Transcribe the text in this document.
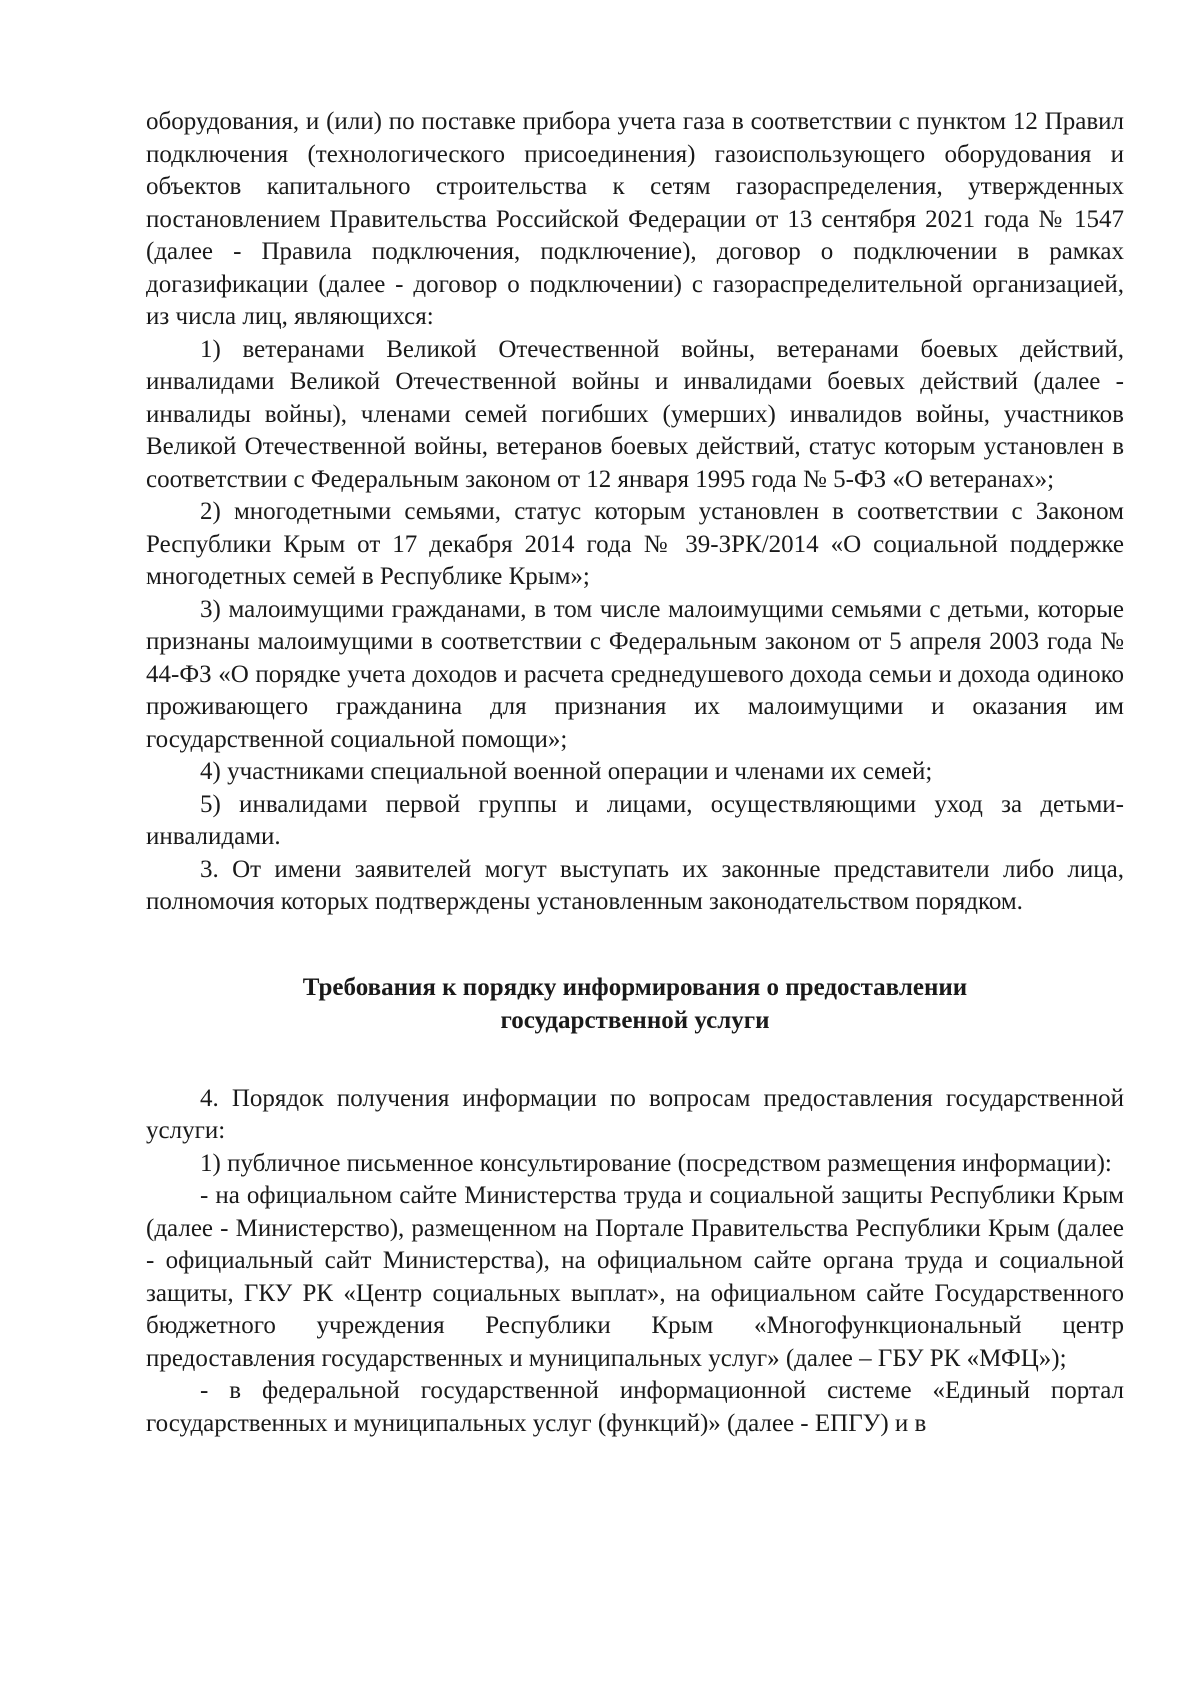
оборудования, и (или) по поставке прибора учета газа в соответствии с пунктом 12 Правил подключения (технологического присоединения) газоиспользующего оборудования и объектов капитального строительства к сетям газораспределения, утвержденных постановлением Правительства Российской Федерации от 13 сентября 2021 года № 1547 (далее - Правила подключения, подключение), договор о подключении в рамках догазификации (далее - договор о подключении) с газораспределительной организацией, из числа лиц, являющихся:

1) ветеранами Великой Отечественной войны, ветеранами боевых действий, инвалидами Великой Отечественной войны и инвалидами боевых действий (далее - инвалиды войны), членами семей погибших (умерших) инвалидов войны, участников Великой Отечественной войны, ветеранов боевых действий, статус которым установлен в соответствии с Федеральным законом от 12 января 1995 года № 5-ФЗ «О ветеранах»;

2) многодетными семьями, статус которым установлен в соответствии с Законом Республики Крым от 17 декабря 2014 года № 39-ЗРК/2014 «О социальной поддержке многодетных семей в Республике Крым»;

3) малоимущими гражданами, в том числе малоимущими семьями с детьми, которые признаны малоимущими в соответствии с Федеральным законом от 5 апреля 2003 года № 44-ФЗ «О порядке учета доходов и расчета среднедушевого дохода семьи и дохода одиноко проживающего гражданина для признания их малоимущими и оказания им государственной социальной помощи»;

4) участниками специальной военной операции и членами их семей;

5) инвалидами первой группы и лицами, осуществляющими уход за детьми-инвалидами.

3. От имени заявителей могут выступать их законные представители либо лица, полномочия которых подтверждены установленным законодательством порядком.

Требования к порядку информирования о предоставлении

государственной услуги

4. Порядок получения информации по вопросам предоставления государственной услуги:

1) публичное письменное консультирование (посредством размещения информации):

- на официальном сайте Министерства труда и социальной защиты Республики Крым (далее - Министерство), размещенном на Портале Правительства Республики Крым (далее - официальный сайт Министерства), на официальном сайте органа труда и социальной защиты, ГКУ РК «Центр социальных выплат», на официальном сайте Государственного бюджетного учреждения Республики Крым «Многофункциональный центр предоставления государственных и муниципальных услуг» (далее – ГБУ РК «МФЦ»);

- в федеральной государственной информационной системе «Единый портал государственных и муниципальных услуг (функций)» (далее - ЕПГУ) и в
